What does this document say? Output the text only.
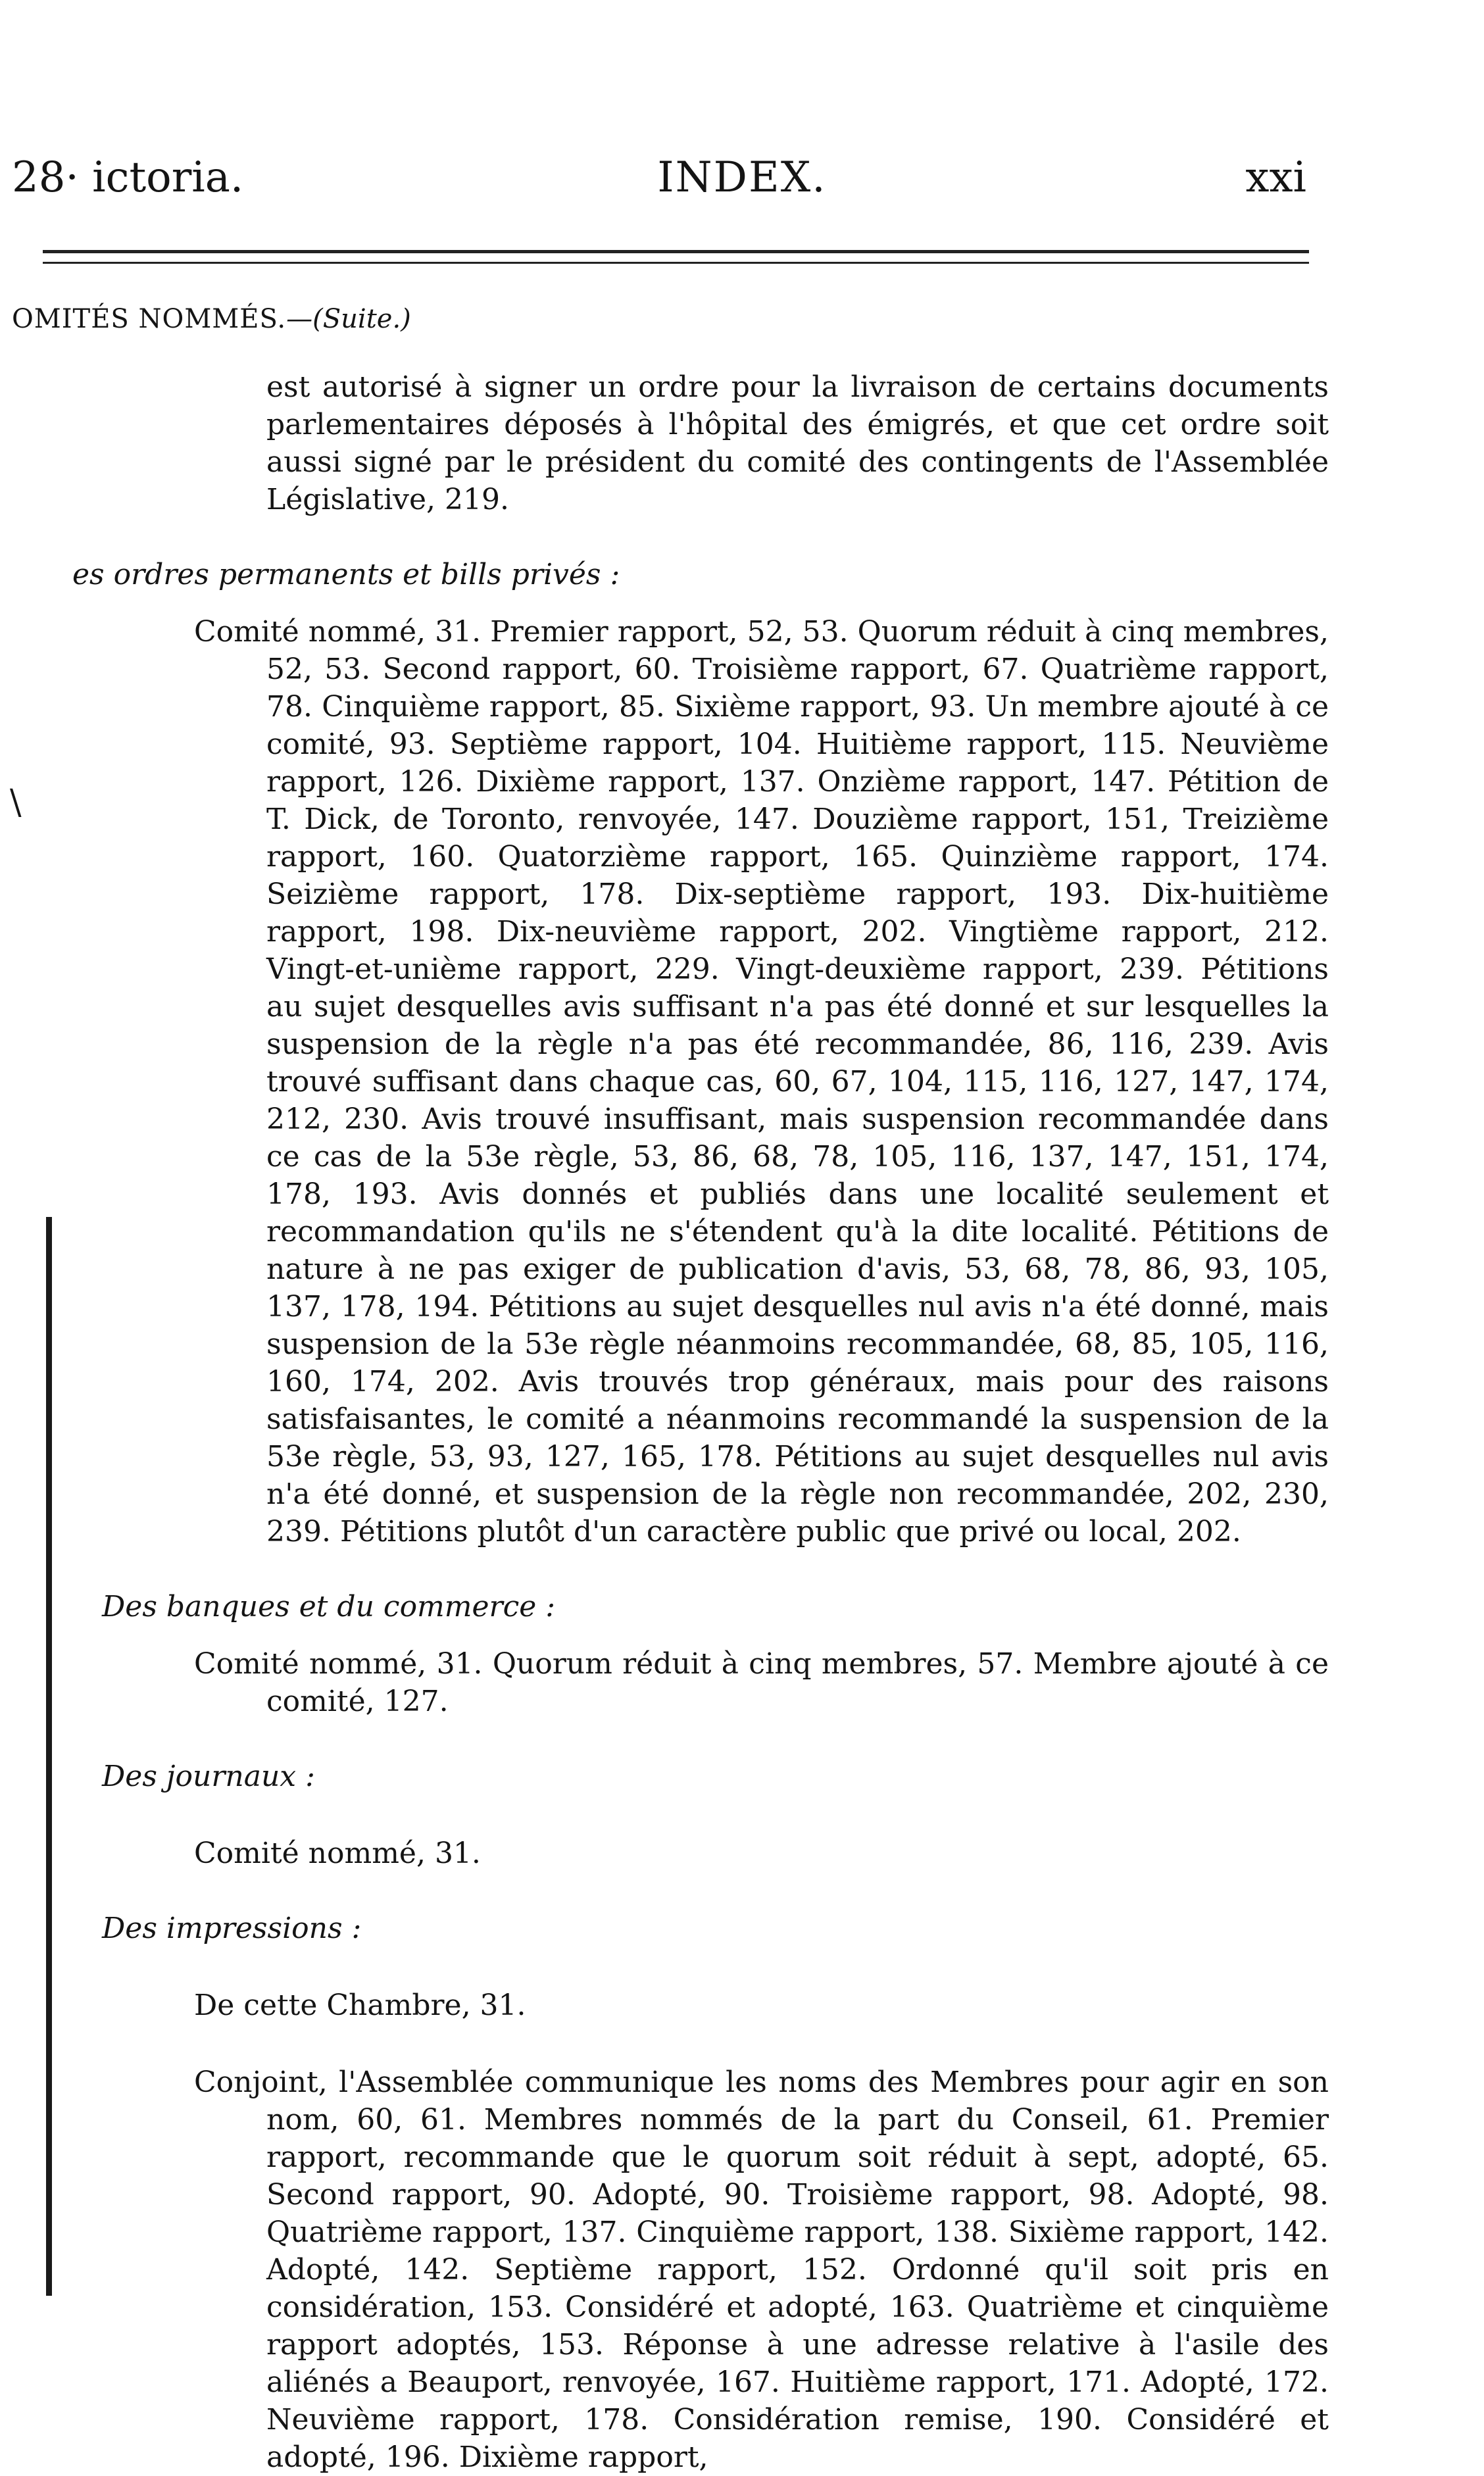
28· ictoria.	INDEX.	xxi
OMITÉS NOMMÉS.—(Suite.)
\
est autorisé à signer un ordre pour la livraison de certains documents parlementaires déposés à l'hôpital des émigrés, et que cet ordre soit aussi signé par le président du comité des contingents de l'Assemblée Législative, 219.
es ordres permanents et bills privés :
Comité nommé, 31. Premier rapport, 52, 53. Quorum réduit à cinq membres, 52, 53. Second rapport, 60. Troisième rapport, 67. Quatrième rapport, 78. Cinquième rapport, 85. Sixième rapport, 93. Un membre ajouté à ce comité, 93. Septième rapport, 104. Huitième rapport, 115. Neuvième rapport, 126. Dixième rapport, 137. Onzième rapport, 147. Pétition de T. Dick, de Toronto, renvoyée, 147. Douzième rapport, 151, Treizième rapport, 160. Quatorzième rapport, 165. Quinzième rapport, 174. Seizième rapport, 178. Dix-septième rapport, 193. Dix-huitième rapport, 198. Dix-neuvième rapport, 202. Vingtième rapport, 212. Vingt-et-unième rapport, 229. Vingt-deuxième rapport, 239. Pétitions au sujet desquelles avis suffisant n'a pas été donné et sur lesquelles la suspension de la règle n'a pas été recommandée, 86, 116, 239. Avis trouvé suffisant dans chaque cas, 60, 67, 104, 115, 116, 127, 147, 174, 212, 230. Avis trouvé insuffisant, mais suspension recommandée dans ce cas de la 53e règle, 53, 86, 68, 78, 105, 116, 137, 147, 151, 174, 178, 193. Avis donnés et publiés dans une localité seulement et recommandation qu'ils ne s'étendent qu'à la dite localité. Pétitions de nature à ne pas exiger de publication d'avis, 53, 68, 78, 86, 93, 105, 137, 178, 194. Pétitions au sujet desquelles nul avis n'a été donné, mais suspension de la 53e règle néanmoins recommandée, 68, 85, 105, 116, 160, 174, 202. Avis trouvés trop généraux, mais pour des raisons satisfaisantes, le comité a néanmoins recommandé la suspension de la 53e règle, 53, 93, 127, 165, 178. Pétitions au sujet desquelles nul avis n'a été donné, et suspension de la règle non recommandée, 202, 230, 239. Pétitions plutôt d'un caractère public que privé ou local, 202.
Des banques et du commerce :
Comité nommé, 31. Quorum réduit à cinq membres, 57. Membre ajouté à ce comité, 127.
Des journaux :
Comité nommé, 31.
Des impressions :
De cette Chambre, 31.
Conjoint, l'Assemblée communique les noms des Membres pour agir en son nom, 60, 61. Membres nommés de la part du Conseil, 61. Premier rapport, recommande que le quorum soit réduit à sept, adopté, 65. Second rapport, 90. Adopté, 90. Troisième rapport, 98. Adopté, 98. Quatrième rapport, 137. Cinquième rapport, 138. Sixième rapport, 142. Adopté, 142. Septième rapport, 152. Ordonné qu'il soit pris en considération, 153. Considéré et adopté, 163. Quatrième et cinquième rapport adoptés, 153. Réponse à une adresse relative à l'asile des aliénés a Beauport, renvoyée, 167. Huitième rapport, 171. Adopté, 172. Neuvième rapport, 178. Considération remise, 190. Considéré et adopté, 196. Dixième rapport,
